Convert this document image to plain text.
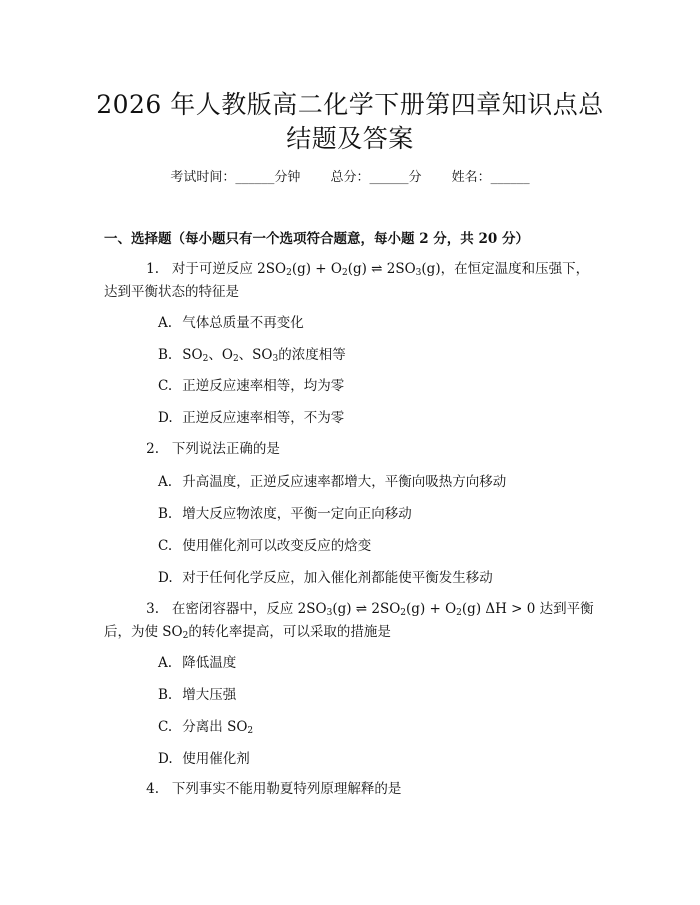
2026 年人教版高二化学下册第四章知识点总
结题及答案
考试时间：______分钟 总分：______分 姓名：______
一、选择题（每小题只有一个选项符合题意，每小题 2 分，共 20 分）
1. 对于可逆反应 $2SO_2(g) + O_2(g)$ ⇌ $2SO_3(g)$，在恒定温度和压强下，达到平衡状态的特征是
A. 气体总质量不再变化
B. $SO_2$、$O_2$、$SO_3$的浓度相等
C. 正逆反应速率相等，均为零
D. 正逆反应速率相等，不为零
2. 下列说法正确的是
A. 升高温度，正逆反应速率都增大，平衡向吸热方向移动
B. 增大反应物浓度，平衡一定向正向移动
C. 使用催化剂可以改变反应的焓变
D. 对于任何化学反应，加入催化剂都能使平衡发生移动
3. 在密闭容器中，反应 $2SO_3(g)$ ⇌ $2SO_2(g) + O_2(g) \Delta H > 0$ 达到平衡后，为使 $SO_2$的转化率提高，可以采取的措施是
A. 降低温度
B. 增大压强
C. 分离出 $SO_2$
D. 使用催化剂
4. 下列事实不能用勒夏特列原理解释的是
